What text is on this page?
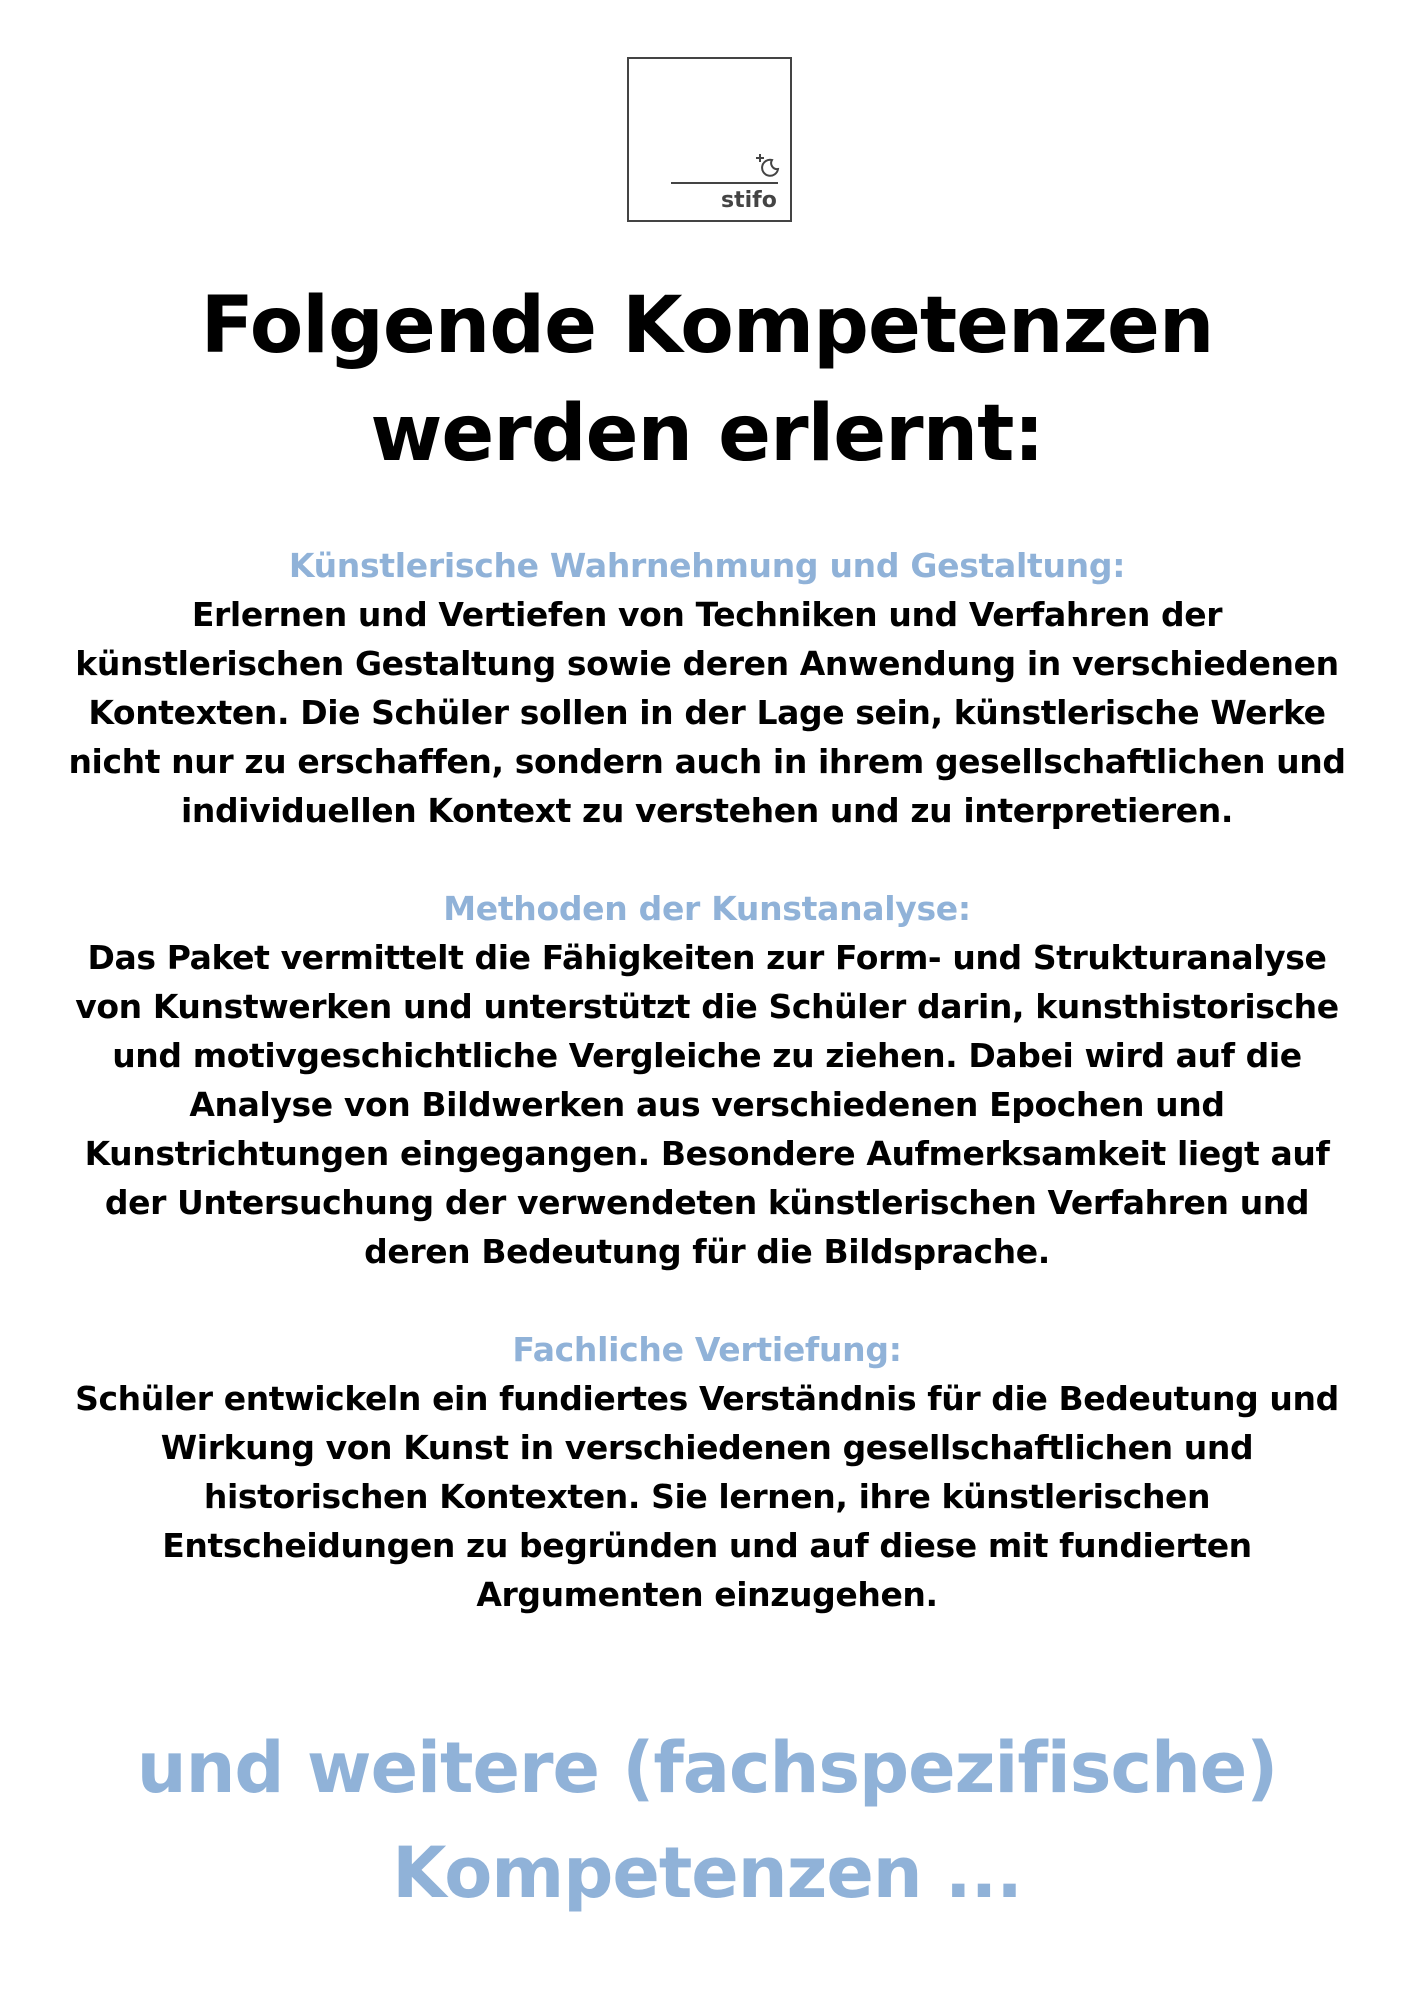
stifo
Folgende Kompetenzen
werden erlernt:
Künstlerische Wahrnehmung und Gestaltung:
Erlernen und Vertiefen von Techniken und Verfahren der künstlerischen Gestaltung sowie deren Anwendung in verschiedenen Kontexten. Die Schüler sollen in der Lage sein, künstlerische Werke nicht nur zu erschaffen, sondern auch in ihrem gesellschaftlichen und individuellen Kontext zu verstehen und zu interpretieren.
Methoden der Kunstanalyse:
Das Paket vermittelt die Fähigkeiten zur Form- und Strukturanalyse von Kunstwerken und unterstützt die Schüler darin, kunsthistorische und motivgeschichtliche Vergleiche zu ziehen. Dabei wird auf die Analyse von Bildwerken aus verschiedenen Epochen und Kunstrichtungen eingegangen. Besondere Aufmerksamkeit liegt auf der Untersuchung der verwendeten künstlerischen Verfahren und deren Bedeutung für die Bildsprache.
Fachliche Vertiefung:
Schüler entwickeln ein fundiertes Verständnis für die Bedeutung und Wirkung von Kunst in verschiedenen gesellschaftlichen und historischen Kontexten. Sie lernen, ihre künstlerischen Entscheidungen zu begründen und auf diese mit fundierten Argumenten einzugehen.
und weitere (fachspezifische)
Kompetenzen ...
